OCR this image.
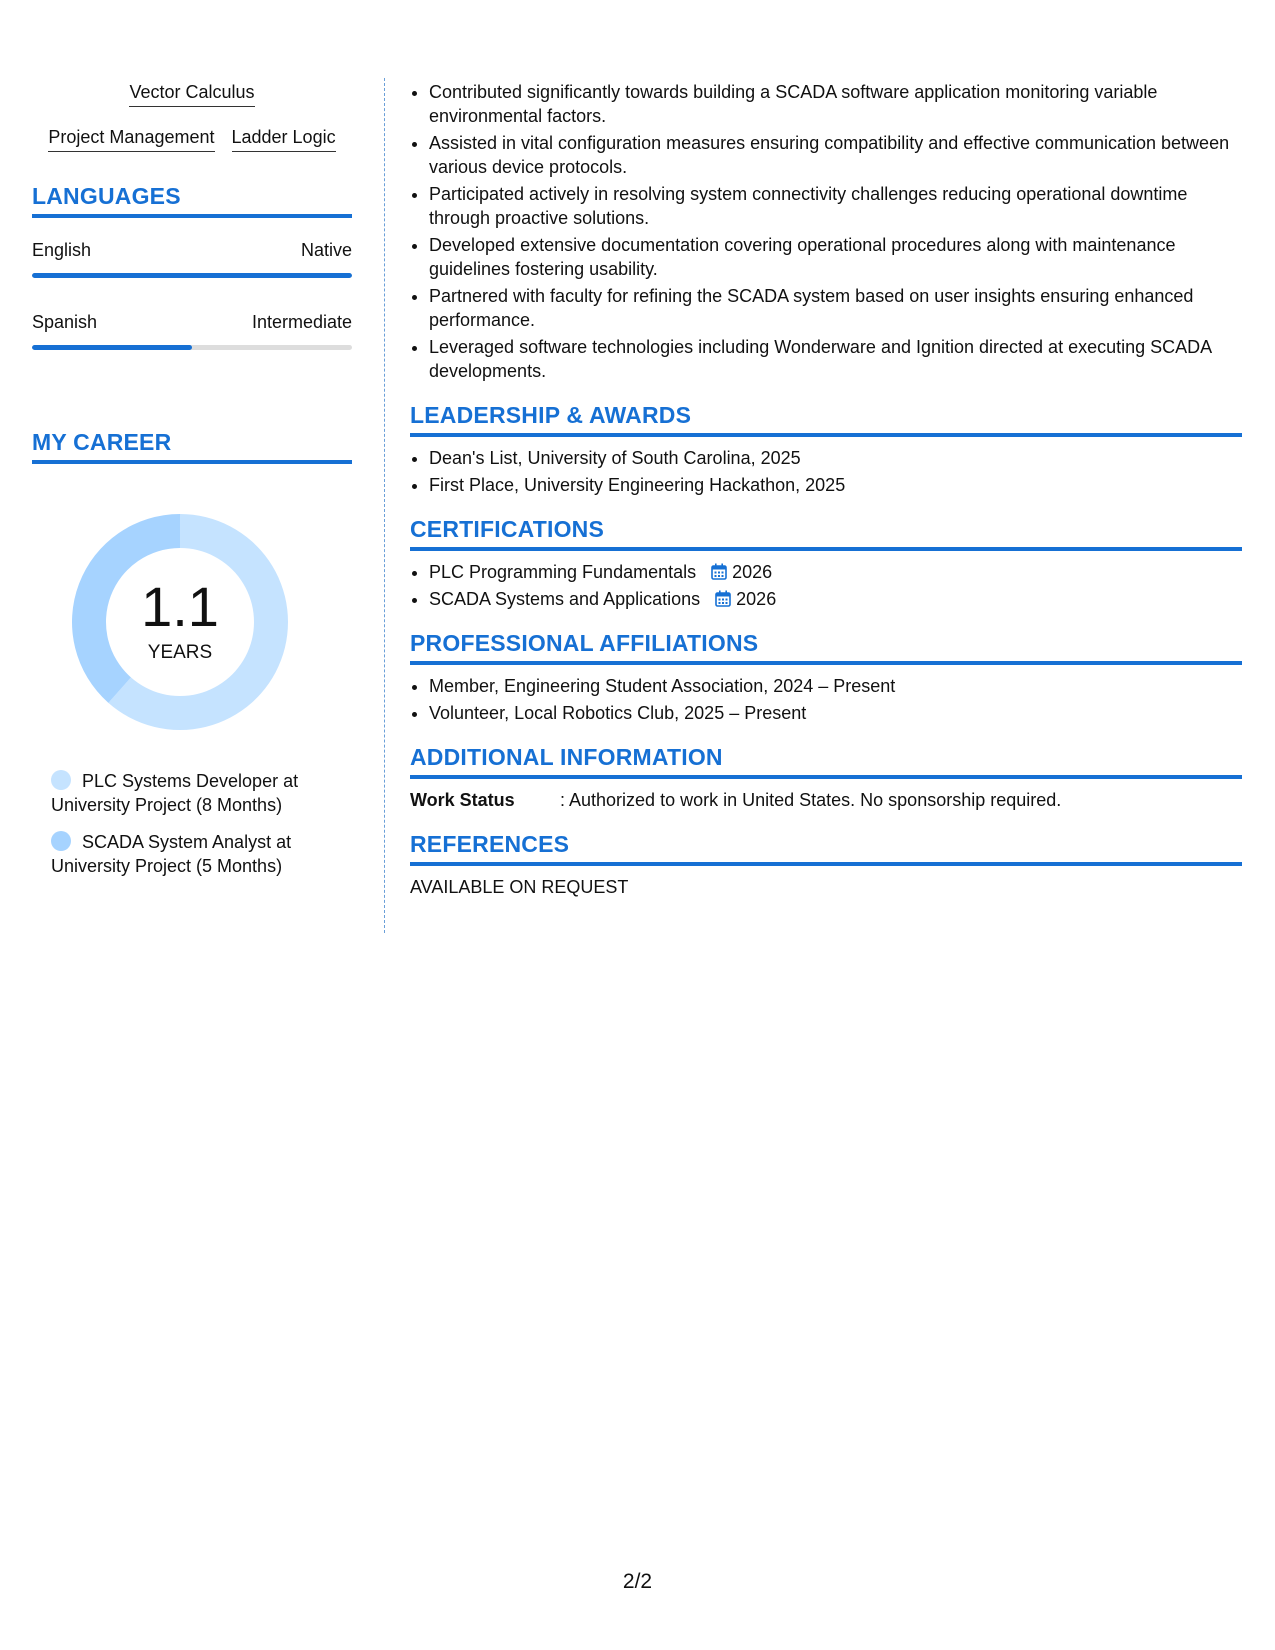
Vector Calculus
Project Management Ladder Logic
LANGUAGES
English	Native
Spanish	Intermediate
MY CAREER
1.1
YEARS
PLC Systems Developer at University Project (8 Months)
SCADA System Analyst at University Project (5 Months)
• Contributed significantly towards building a SCADA software application monitoring variable environmental factors.
• Assisted in vital configuration measures ensuring compatibility and effective communication between various device protocols.
• Participated actively in resolving system connectivity challenges reducing operational downtime through proactive solutions.
• Developed extensive documentation covering operational procedures along with maintenance guidelines fostering usability.
• Partnered with faculty for refining the SCADA system based on user insights ensuring enhanced performance.
• Leveraged software technologies including Wonderware and Ignition directed at executing SCADA developments.
LEADERSHIP & AWARDS
• Dean's List, University of South Carolina, 2025
• First Place, University Engineering Hackathon, 2025
CERTIFICATIONS
• PLC Programming Fundamentals 2026
• SCADA Systems and Applications 2026
PROFESSIONAL AFFILIATIONS
• Member, Engineering Student Association, 2024 – Present
• Volunteer, Local Robotics Club, 2025 – Present
ADDITIONAL INFORMATION
Work Status	: Authorized to work in United States. No sponsorship required.
REFERENCES
AVAILABLE ON REQUEST
2/2
